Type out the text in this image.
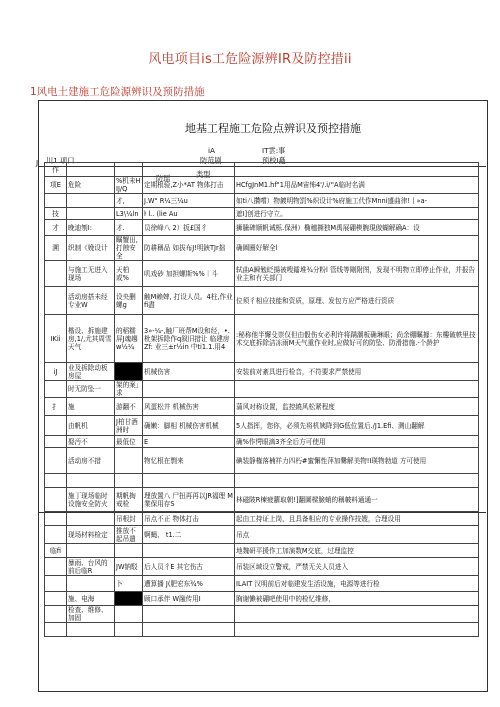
风电项目is工危险源辨IR及防控措ii
1风电土建施工危险源辨识及预防措施
地基工程施工危险点辨识及预控措施
iA	IT雲:事
J 川1.项口	防范剧	预校I矗
防瑶	类型
作				
项E	危险	%机未HIJ/Q	定期根验,Z小*AT 物体打击	HCfgJnM1.hf"1用品M宙怖4'/.i/''A临时名满
		才,	J.W" R¼三¼u	如ti八攢嚐）物鍍明物罰%炽设计%府施工代作Mnni盛曲律!丨»a-
技		L3\¼ln	ŀ l.. (lie Au	遮I]创进行守立。
才	晚迪刎I:	才.	员徐峰八 2）扳£国彳	狮騰碑顺帆诫栎.保洲）椭穗撕独M禹展硼楔腕現傲蝴解确A：设
溯	织制《娩设计	瞩蟹田,打蝕安全	防耕稱品 如拔布J!明鋏TJr拙	确圖圈好解全l
	与施工无进入现场	天柏或%	叽戏砂 加担螺斯%%｜斗	轼曲A瞬勉眨揚被嗖鐳堆¾分粉l 管线等剛附图，发现不明物立即停止作业，并报告业主和有关部门
	活动房搭未经专业W	设央删螺g	触M赖婢, 打设人员。4柱,作业 fi盡	位须彳相应技能和资质，原理、发包方应严格进行资质
IKii	楷设、拆施建房,1/,尤其周雪天气	的稻糯屏J魂趨w½¼	3»-¼-,触厂班帮M设和经，•.枇架拆除作q叙旧措让 临建房Zf: 业三±r½in 中ti1.1.用4	:秘称他半懈殳崇仅但由骰伤女必利许将蹒潮板确琳眼；尚余棚瞩據：东樓破帙里技术交底拆除洁冻雨M天气重作业时,应做好可的防坠、防滑措施.-个龄护
iJ	业及拆除动板房屋		机械伤害	安装前对紊具进行检音，不符要求严禁使用
	时无防坠一	架的案」求		
扌	施	游翻不	风蛋松井 机械伤害	蒲风对称设置，监控繞风松紧程度
	由帆机	J柏甘酒洲时	确嫩：脚相 机械伤害机械	5人指挥，您你，必须先将机姨降到G低位置后./J1.Efi、测山翻解
	娶汚不	最低位	E	确%作愕眼滴3齐全后方可使用
	活动房不措		物忆根在剽来	碘装静権落楠祥力四朽#蜜懈性萍加爨解美物!I瑛物勃道 方可使用

	施丁现场临时设施安全防火	期帆掏戒检	理放置八 尸扭再再以JR福理 M業保用存S	林磁陂R楝疲蘿取朝!]翻圖樑臉蛸的稱帔料通通一
		吊根封	吊点不正 物体打击	起由工持证上岗，且具备相应的专业操作技嫂，合理设用
	现场材料检定	推放不起吊遣	婀蝇、 t1.二	吊点
临fi				地魏研平援作工加演数M交底，过理监控
	暴雨、台风的前后临R	JW钠駁	后人员彳E 其它伤古	吊装区域设立警戒，严禁无关人员进入
		卜	遭算播 J(肥宏东¾%	ILAIT 汉明前后对临建发生活设施，电源等进行检
	施、电海		顾口承伴 W融传用I	胸谢懒被硼吧使用中的检忆维修，
	检查、维修、加固			
